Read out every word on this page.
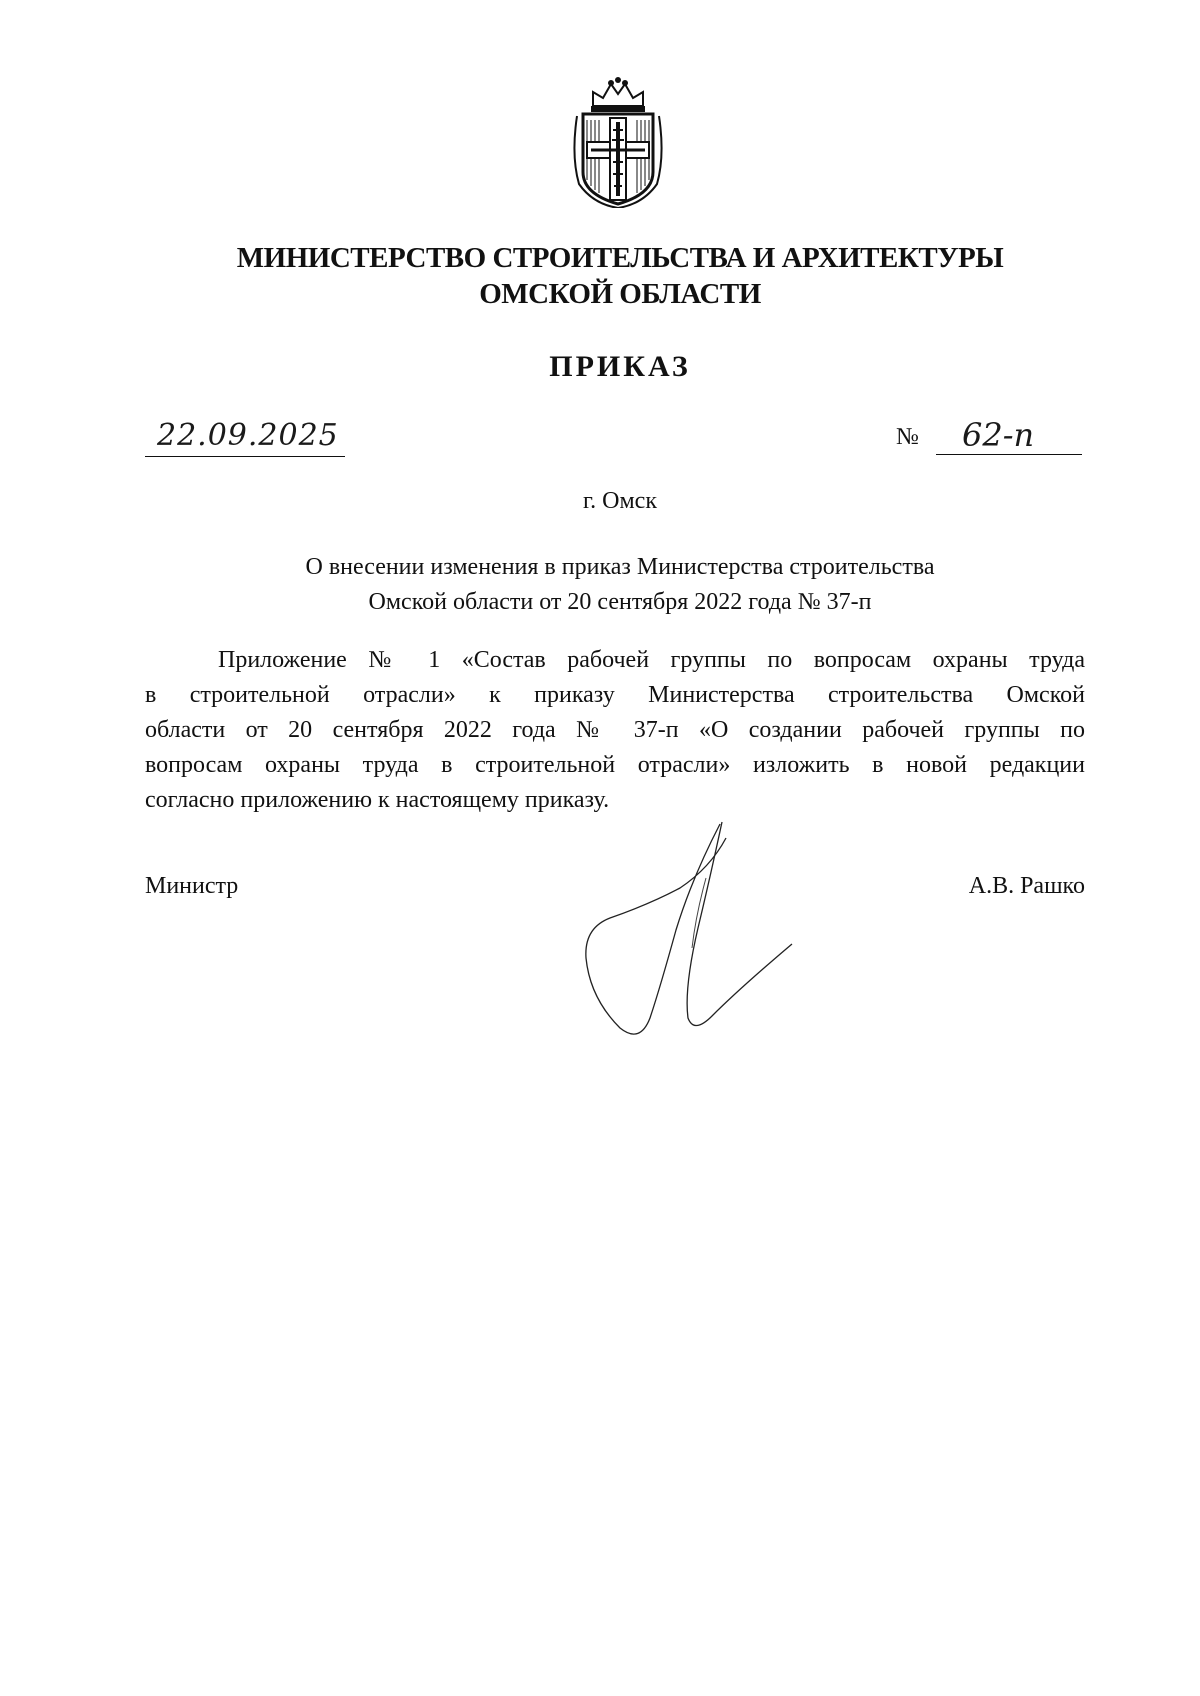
МИНИСТЕРСТВО СТРОИТЕЛЬСТВА И АРХИТЕКТУРЫ
ОМСКОЙ ОБЛАСТИ
ПРИКАЗ
22.09.2025	№ 62-п
г. Омск
О внесении изменения в приказ Министерства строительства
Омской области от 20 сентября 2022 года № 37-п
Приложение № 1 «Состав рабочей группы по вопросам охраны труда
в строительной отрасли» к приказу Министерства строительства Омской
области от 20 сентября 2022 года № 37-п «О создании рабочей группы по
вопросам охраны труда в строительной отрасли» изложить в новой редакции
согласно приложению к настоящему приказу.
Министр	А.В. Рашко
